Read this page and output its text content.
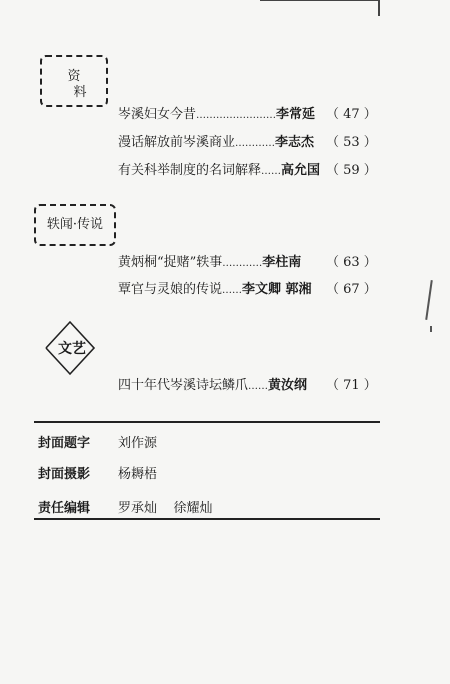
资
料
岑溪妇女今昔……………………李常延 （ 47 ）
漫话解放前岑溪商业…………李志杰 （ 53 ）
有关科举制度的名词解释……高允国 （ 59 ）
轶闻·传说
黄炳桐“捉赌”轶事…………李柱南 （ 63 ）
覃官与灵娘的传说……李文卿 郭湘 （ 67 ）
文艺
四十年代岑溪诗坛鳞爪……黄汝纲 （ 71 ）
封面题字 刘作源
封面摄影 杨耨梧
责任编辑 罗承灿    徐耀灿
